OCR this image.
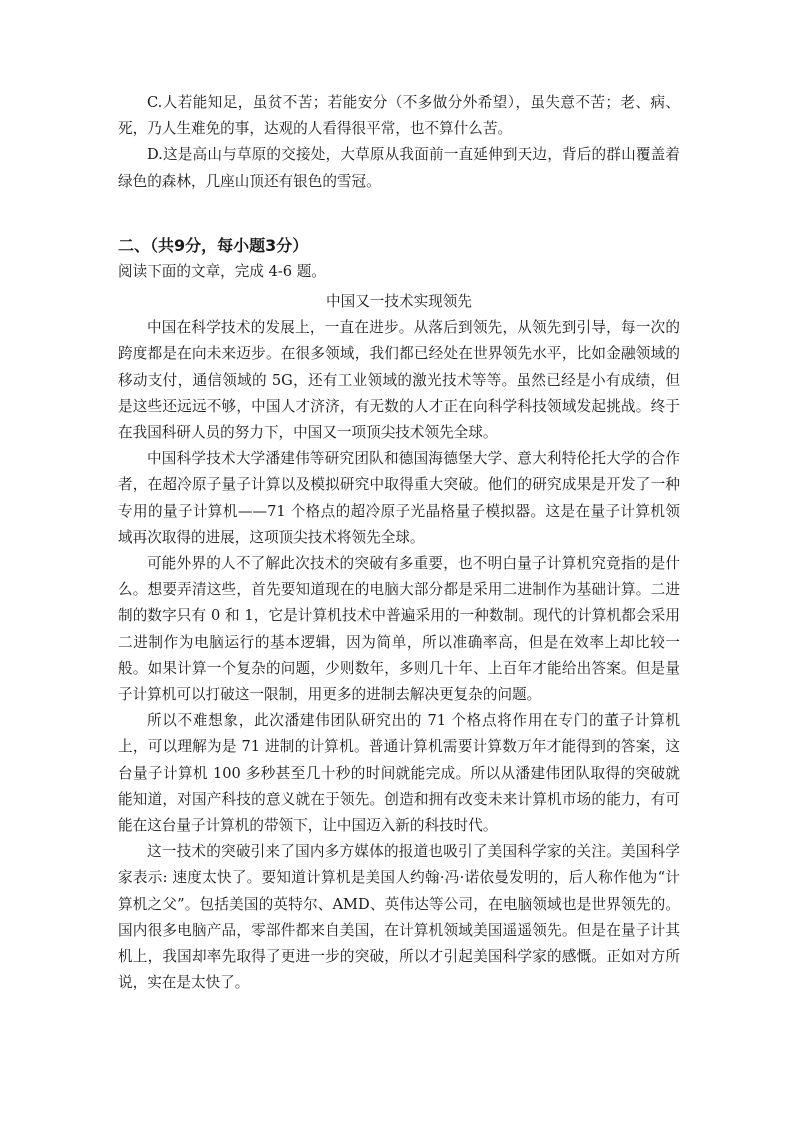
C.人若能知足，虽贫不苦；若能安分（不多做分外希望），虽失意不苦；老、病、死，乃人生难免的事，达观的人看得很平常，也不算什么苦。

D.这是高山与草原的交接处，大草原从我面前一直延伸到天边，背后的群山覆盖着绿色的森林，几座山顶还有银色的雪冠。

二、（共9分，每小题3分）

阅读下面的文章，完成 4-6 题。

中国又一技术实现领先

中国在科学技术的发展上，一直在进步。从落后到领先，从领先到引导，每一次的跨度都是在向未来迈步。在很多领域，我们都已经处在世界领先水平，比如金融领域的移动支付，通信领域的 5G，还有工业领域的激光技术等等。虽然已经是小有成绩，但是这些还远远不够，中国人才济济，有无数的人才正在向科学科技领域发起挑战。终于在我国科研人员的努力下，中国又一项顶尖技术领先全球。

中国科学技术大学潘建伟等研究团队和德国海德堡大学、意大利特伦托大学的合作者，在超冷原子量子计算以及模拟研究中取得重大突破。他们的研究成果是开发了一种专用的量子计算机——71 个格点的超冷原子光晶格量子模拟器。这是在量子计算机领域再次取得的进展，这项顶尖技术将领先全球。

可能外界的人不了解此次技术的突破有多重要，也不明白量子计算机究竟指的是什么。想要弄清这些，首先要知道现在的电脑大部分都是采用二进制作为基础计算。二进制的数字只有 0 和 1，它是计算机技术中普遍采用的一种数制。现代的计算机都会采用二进制作为电脑运行的基本逻辑，因为简单，所以准确率高，但是在效率上却比较一般。如果计算一个复杂的问题，少则数年，多则几十年、上百年才能给出答案。但是量子计算机可以打破这一限制，用更多的进制去解决更复杂的问题。

所以不难想象，此次潘建伟团队研究出的 71 个格点将作用在专门的董子计算机上，可以理解为是 71 进制的计算机。普通计算机需要计算数万年才能得到的答案，这台量子计算机 100 多秒甚至几十秒的时间就能完成。所以从潘建伟团队取得的突破就能知道，对国产科技的意义就在于领先。创造和拥有改变未来计算机市场的能力，有可能在这台量子计算机的带领下，让中国迈入新的科技时代。

这一技术的突破引来了国内多方媒体的报道也吸引了美国科学家的关注。美国科学家表示: 速度太快了。要知道计算机是美国人约翰·冯·诺依曼发明的，后人称作他为“计算机之父”。包括美国的英特尔、AMD、英伟达等公司，在电脑领域也是世界领先的。国内很多电脑产品，零部件都来自美国，在计算机领域美国遥遥领先。但是在量子计其机上，我国却率先取得了更进一步的突破，所以才引起美国科学家的感慨。正如对方所说，实在是太快了。
